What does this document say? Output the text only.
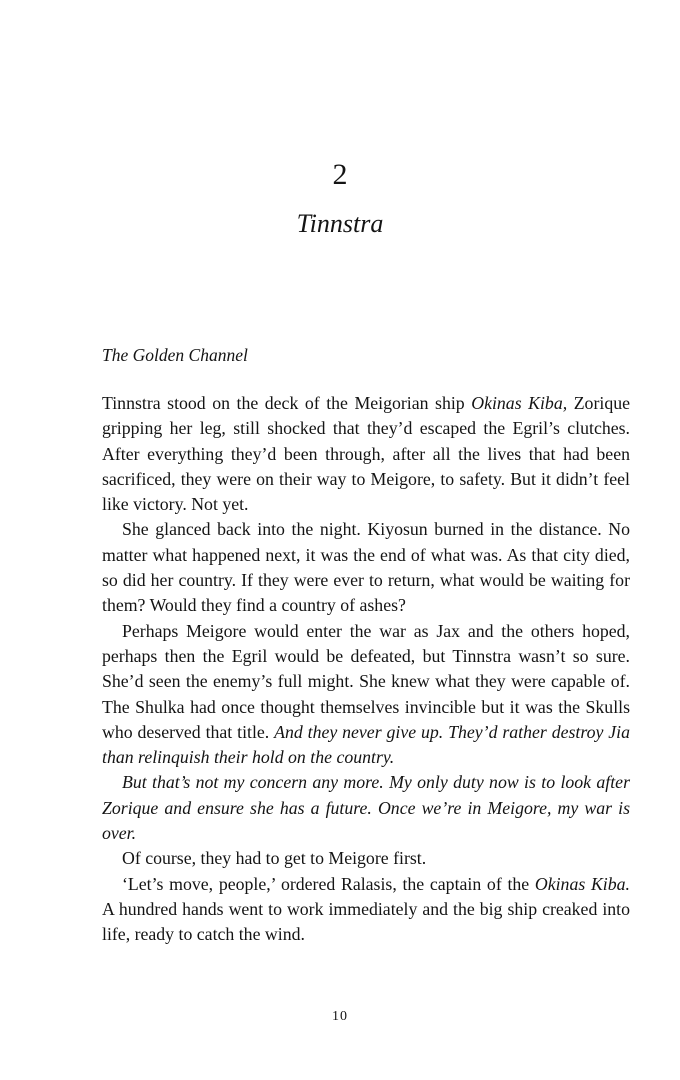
2
Tinnstra

The Golden Channel

Tinnstra stood on the deck of the Meigorian ship Okinas Kiba, Zorique gripping her leg, still shocked that they’d escaped the Egril’s clutches. After everything they’d been through, after all the lives that had been sacrificed, they were on their way to Meigore, to safety. But it didn’t feel like victory. Not yet.

She glanced back into the night. Kiyosun burned in the distance. No matter what happened next, it was the end of what was. As that city died, so did her country. If they were ever to return, what would be waiting for them? Would they find a country of ashes?

Perhaps Meigore would enter the war as Jax and the others hoped, perhaps then the Egril would be defeated, but Tinnstra wasn’t so sure. She’d seen the enemy’s full might. She knew what they were capable of. The Shulka had once thought themselves invincible but it was the Skulls who deserved that title. And they never give up. They’d rather destroy Jia than relinquish their hold on the country.

But that’s not my concern any more. My only duty now is to look after Zorique and ensure she has a future. Once we’re in Meigore, my war is over.

Of course, they had to get to Meigore first.

‘Let’s move, people,’ ordered Ralasis, the captain of the Okinas Kiba. A hundred hands went to work immediately and the big ship creaked into life, ready to catch the wind.

10
